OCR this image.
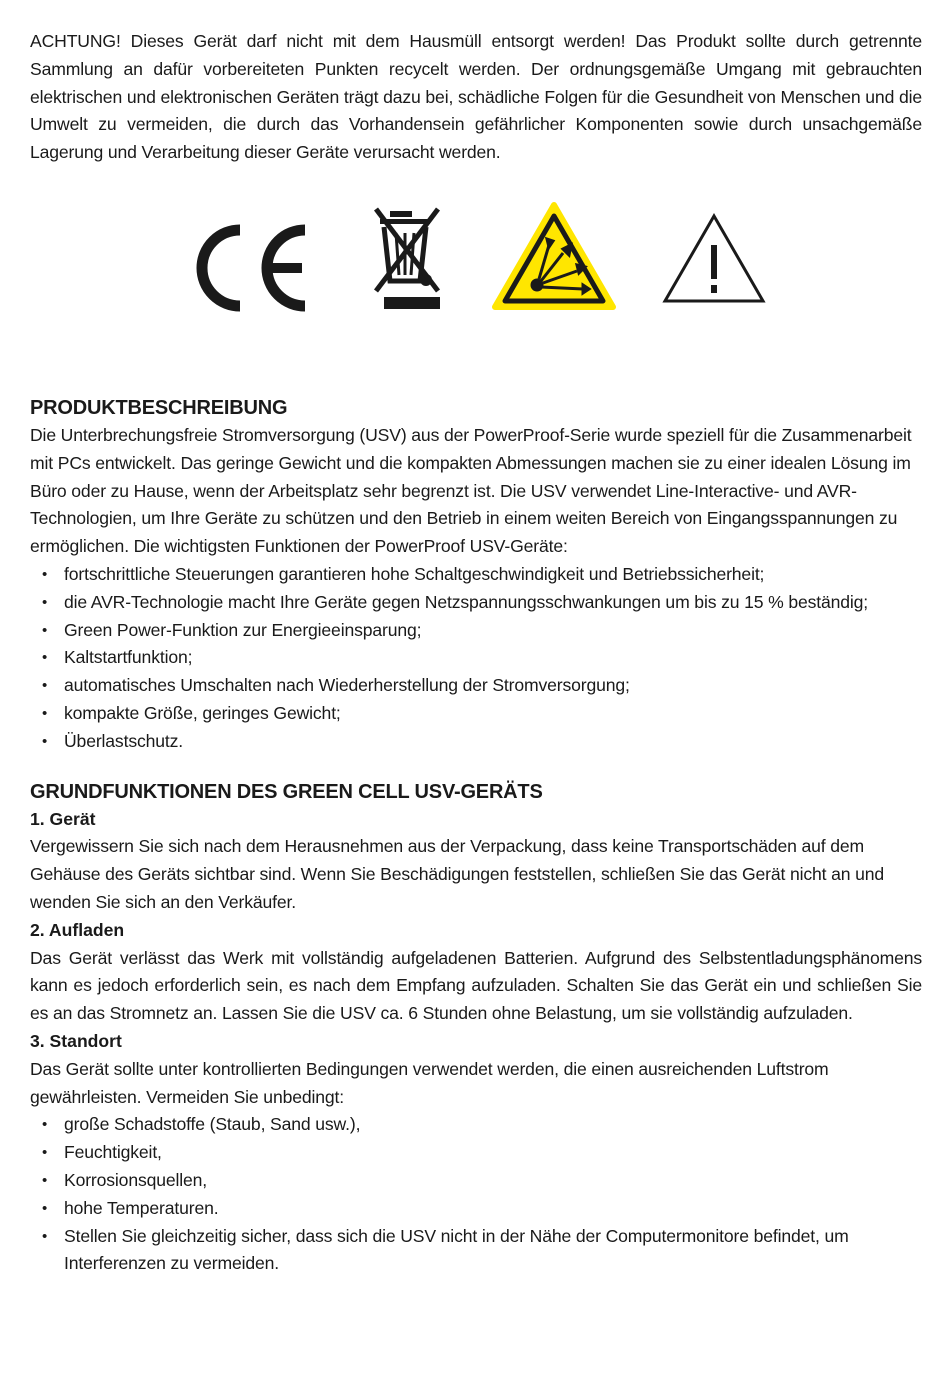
ACHTUNG! Dieses Gerät darf nicht mit dem Hausmüll entsorgt werden! Das Produkt sollte durch getrennte Sammlung an dafür vorbereiteten Punkten recycelt werden. Der ordnungsgemäße Umgang mit gebrauchten elektrischen und elektronischen Geräten trägt dazu bei, schädliche Folgen für die Gesundheit von Menschen und die Umwelt zu vermeiden, die durch das Vorhandensein gefährlicher Komponenten sowie durch unsachgemäße Lagerung und Verarbeitung dieser Geräte verursacht werden.

PRODUKTBESCHREIBUNG

Die Unterbrechungsfreie Stromversorgung (USV) aus der PowerProof-Serie wurde speziell für die Zusammenarbeit mit PCs entwickelt. Das geringe Gewicht und die kompakten Abmessungen machen sie zu einer idealen Lösung im Büro oder zu Hause, wenn der Arbeitsplatz sehr begrenzt ist. Die USV verwendet Line-Interactive- und AVR-Technologien, um Ihre Geräte zu schützen und den Betrieb in einem weiten Bereich von Eingangsspannungen zu ermöglichen. Die wichtigsten Funktionen der PowerProof USV-Geräte:

• fortschrittliche Steuerungen garantieren hohe Schaltgeschwindigkeit und Betriebssicherheit;
• die AVR-Technologie macht Ihre Geräte gegen Netzspannungsschwankungen um bis zu 15 % beständig;
• Green Power-Funktion zur Energieeinsparung;
• Kaltstartfunktion;
• automatisches Umschalten nach Wiederherstellung der Stromversorgung;
• kompakte Größe, geringes Gewicht;
• Überlastschutz.
GRUNDFUNKTIONEN DES GREEN CELL USV-GERÄTS
1. Gerät

Vergewissern Sie sich nach dem Herausnehmen aus der Verpackung, dass keine Transportschäden auf dem Gehäuse des Geräts sichtbar sind. Wenn Sie Beschädigungen feststellen, schließen Sie das Gerät nicht an und wenden Sie sich an den Verkäufer.

2. Aufladen

Das Gerät verlässt das Werk mit vollständig aufgeladenen Batterien. Aufgrund des Selbstentladungsphänomens kann es jedoch erforderlich sein, es nach dem Empfang aufzuladen. Schalten Sie das Gerät ein und schließen Sie es an das Stromnetz an. Lassen Sie die USV ca. 6 Stunden ohne Belastung, um sie vollständig aufzuladen.

3. Standort

Das Gerät sollte unter kontrollierten Bedingungen verwendet werden, die einen ausreichenden Luftstrom gewährleisten. Vermeiden Sie unbedingt:

• große Schadstoffe (Staub, Sand usw.),
• Feuchtigkeit,
• Korrosionsquellen,
• hohe Temperaturen.
• Stellen Sie gleichzeitig sicher, dass sich die USV nicht in der Nähe der Computermonitore befindet, um Interferenzen zu vermeiden.
